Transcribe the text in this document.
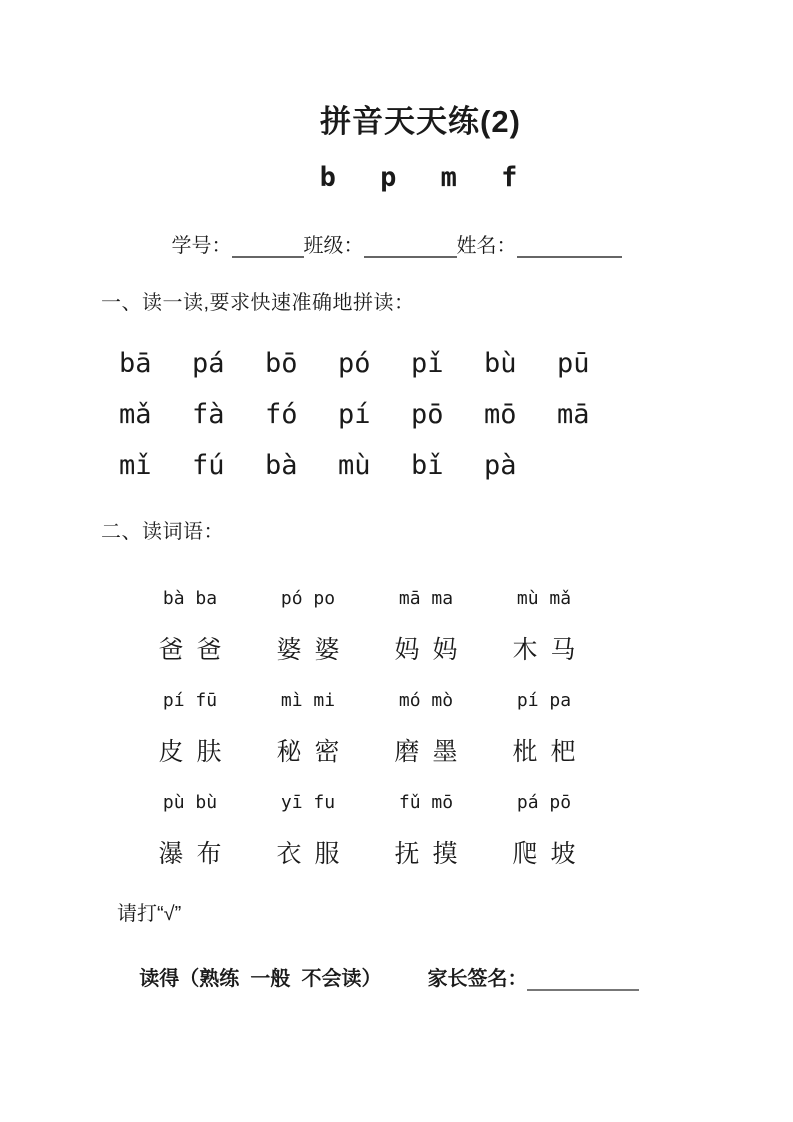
拼音天天练(2)
b p m f
学号：	班级：	姓名：
一、读一读,要求快速准确地拼读：
bā	pá	bō	pó	pǐ	bù	pū
mǎ	fà	fó	pí	pō	mō	mā
mǐ	fú	bà	mù	bǐ	pà
二、读词语：
bà ba	pó po	mā ma	mù mǎ
爸 爸	婆 婆	妈 妈	木 马
pí fū	mì mi	mó mò	pí pa
皮 肤	秘 密	磨 墨	枇 杷
pù bù	yī fu	fǔ mō	pá pō
瀑 布	衣 服	抚 摸	爬 坡
请打“√”

读得（熟练  一般  不会读） 家长签名：
